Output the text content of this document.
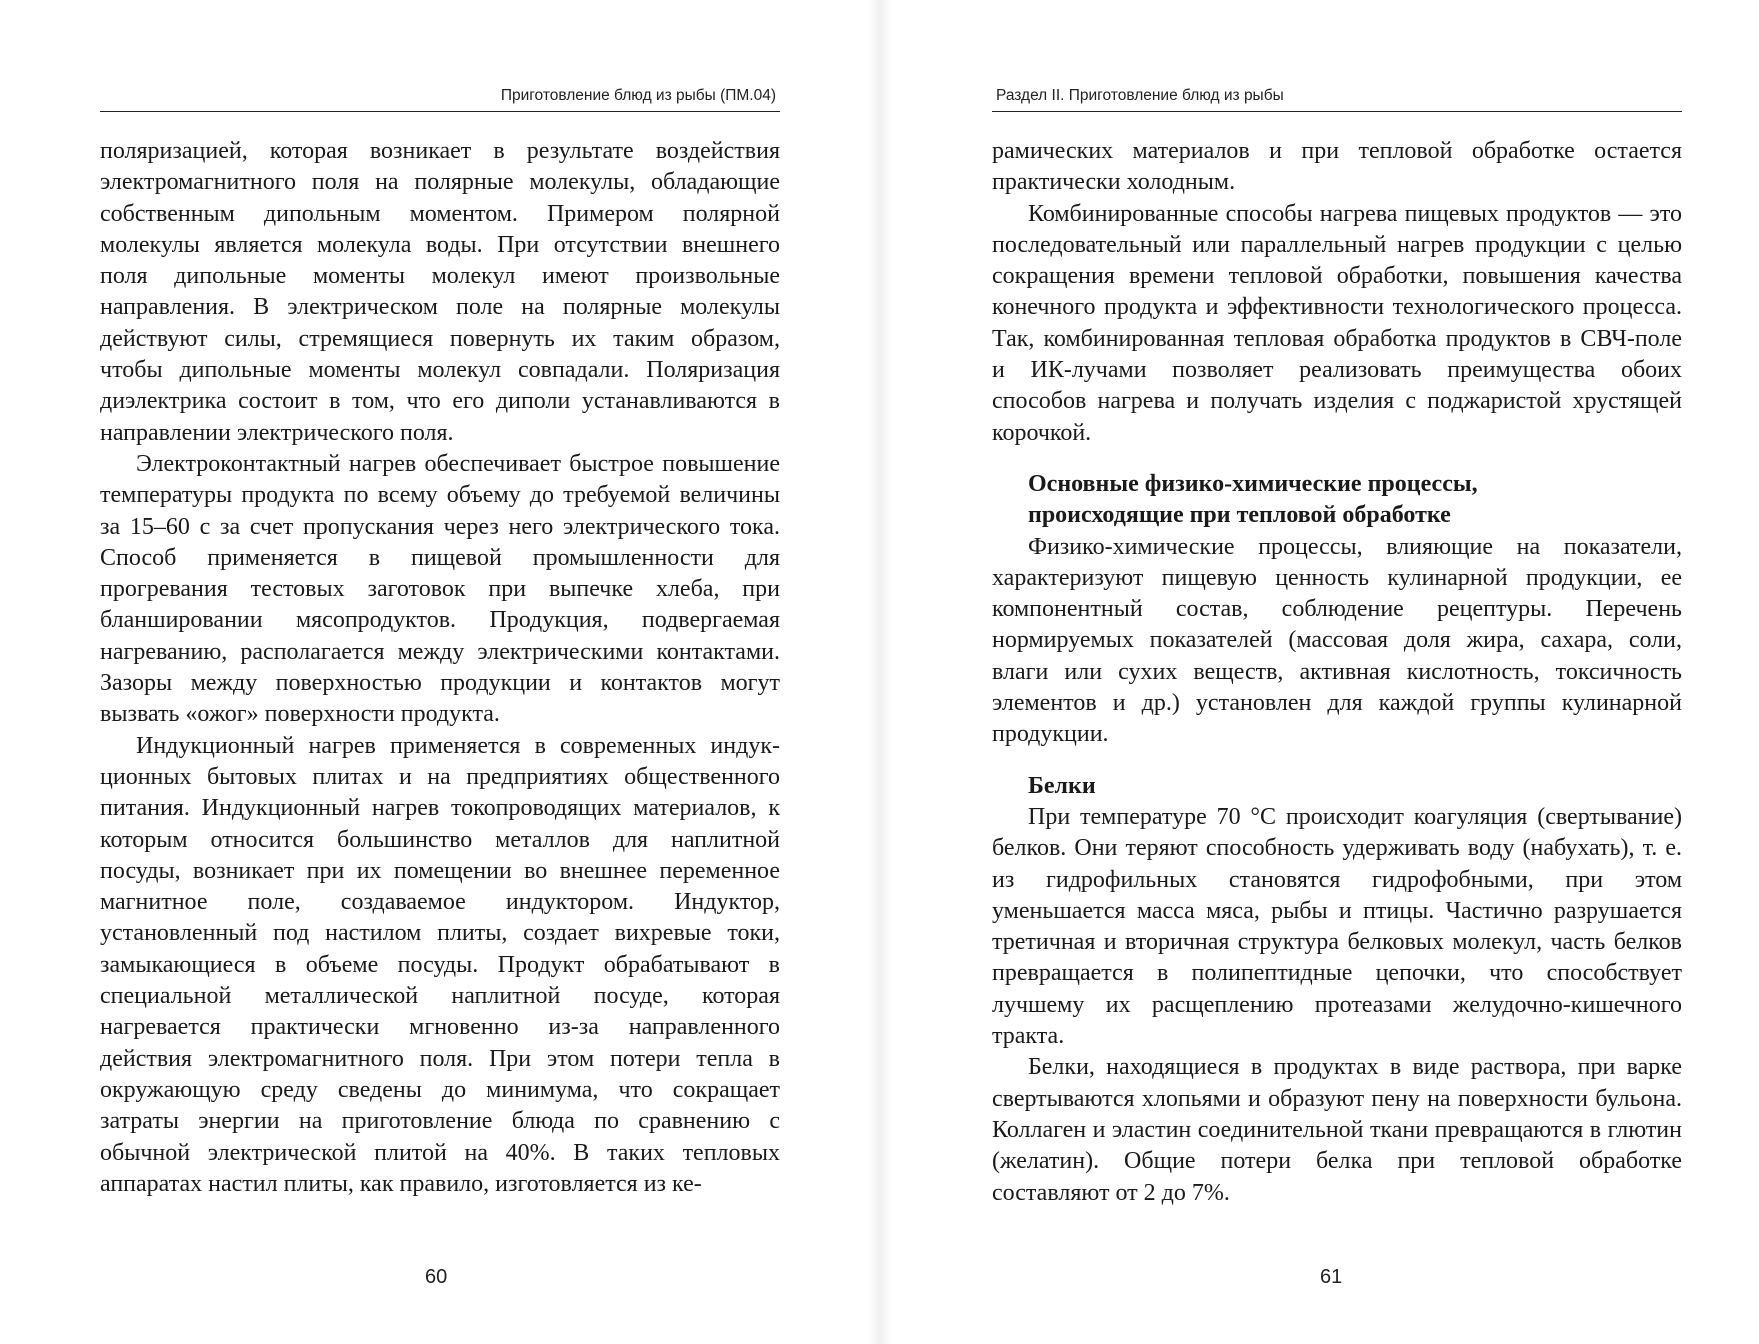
Приготовление блюд из рыбы (ПМ.04)

поляризацией, которая возникает в результате воздействия электромагнитного поля на полярные молекулы, обладающие собственным дипольным моментом. Примером полярной молекулы является молекула воды. При отсутствии внешнего поля дипольные моменты молекул имеют произвольные направления. В электрическом поле на полярные молекулы действуют силы, стремящиеся повернуть их таким образом, чтобы дипольные моменты молекул совпадали. Поляризация диэлектрика состоит в том, что его диполи устанавливаются в направлении электрического поля.

Электроконтактный нагрев обеспечивает быстрое повышение температуры продукта по всему объему до требуемой величины за 15–60 с за счет пропускания через него электрического тока. Способ применяется в пищевой промышленности для прогревания тестовых заготовок при выпечке хлеба, при бланшировании мясопродуктов. Продукция, подвергаемая нагреванию, располагается между электрическими контактами. Зазоры между поверхностью продукции и контактов могут вызвать «ожог» поверхности продукта.

Индукционный нагрев применяется в современных индукционных бытовых плитах и на предприятиях общественного питания. Индукционный нагрев токопроводящих материалов, к которым относится большинство металлов для наплитной посуды, возникает при их помещении во внешнее переменное магнитное поле, создаваемое индуктором. Индуктор, установленный под настилом плиты, создает вихревые токи, замыкающиеся в объеме посуды. Продукт обрабатывают в специальной металлической наплитной посуде, которая нагревается практически мгновенно из-за направленного действия электромагнитного поля. При этом потери тепла в окружающую среду сведены до минимума, что сокращает затраты энергии на приготовление блюда по сравнению с обычной электрической плитой на 40%. В таких тепловых аппаратах настил плиты, как правило, изготовляется из ке-

60
Раздел II. Приготовление блюд из рыбы

рамических материалов и при тепловой обработке остается практически холодным.

Комбинированные способы нагрева пищевых продуктов — это последовательный или параллельный нагрев продукции с целью сокращения времени тепловой обработки, повышения качества конечного продукта и эффективности технологического процесса. Так, комбинированная тепловая обработка продуктов в СВЧ-поле и ИК-лучами позволяет реализовать преимущества обоих способов нагрева и получать изделия с поджаристой хрустящей корочкой.

Основные физико-химические процессы,
происходящие при тепловой обработке

Физико-химические процессы, влияющие на показатели, характеризуют пищевую ценность кулинарной продукции, ее компонентный состав, соблюдение рецептуры. Перечень нормируемых показателей (массовая доля жира, сахара, соли, влаги или сухих веществ, активная кислотность, токсичность элементов и др.) установлен для каждой группы кулинарной продукции.

Белки

При температуре 70 °С происходит коагуляция (свертывание) белков. Они теряют способность удерживать воду (набухать), т. е. из гидрофильных становятся гидрофобными, при этом уменьшается масса мяса, рыбы и птицы. Частично разрушается третичная и вторичная структура белковых молекул, часть белков превращается в полипептидные цепочки, что способствует лучшему их расщеплению протеазами желудочно-кишечного тракта.

Белки, находящиеся в продуктах в виде раствора, при варке свертываются хлопьями и образуют пену на поверхности бульона. Коллаген и эластин соединительной ткани превращаются в глютин (желатин). Общие потери белка при тепловой обработке составляют от 2 до 7%.

61
